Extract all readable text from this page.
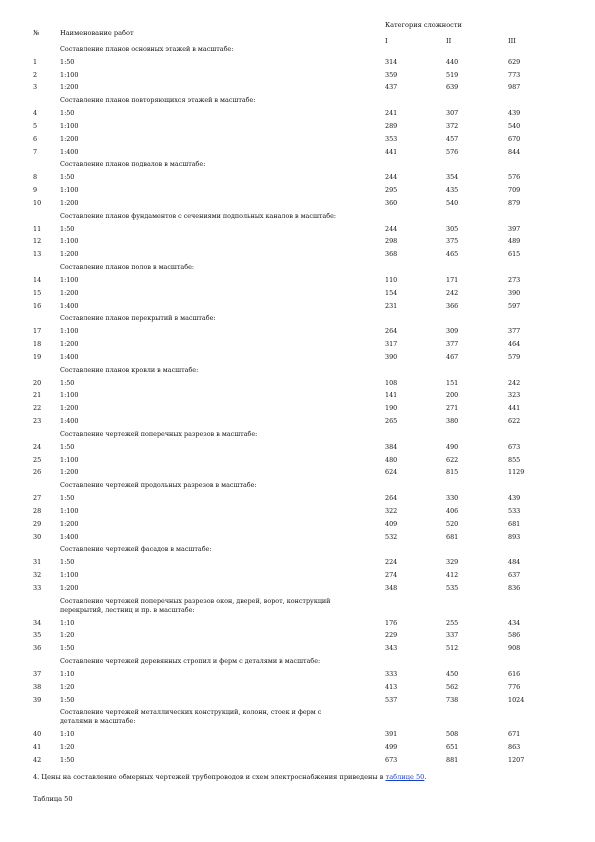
№	Наименование работ
Категория сложности
I	II	III
Составление планов основных этажей в масштабе:
1	1:50	314	440	629
2	1:100	359	519	773
3	1:200	437	639	987
Составление планов повторяющихся этажей в масштабе:
4	1:50	241	307	439
5	1:100	289	372	540
6	1:200	353	457	670
7	1:400	441	576	844
Составление планов подвалов в масштабе:
8	1:50	244	354	576
9	1:100	295	435	709
10	1:200	360	540	879
Составление планов фундаментов с сечениями подпольных каналов в масштабе:
11	1:50	244	305	397
12	1:100	298	375	489
13	1:200	368	465	615
Составление планов полов в масштабе:
14	1:100	110	171	273
15	1:200	154	242	390
16	1:400	231	366	597
Составление планов перекрытий в масштабе:
17	1:100	264	309	377
18	1:200	317	377	464
19	1:400	390	467	579
Составление планов кровли в масштабе:
20	1:50	108	151	242
21	1:100	141	200	323
22	1:200	190	271	441
23	1:400	265	380	622
Составление чертежей поперечных разрезов в масштабе:
24	1:50	384	490	673
25	1:100	480	622	855
26	1:200	624	815	1129
Составление чертежей продольных разрезов в масштабе:
27	1:50	264	330	439
28	1:100	322	406	533
29	1:200	409	520	681
30	1:400	532	681	893
Составление чертежей фасадов в масштабе:
31	1:50	224	329	484
32	1:100	274	412	637
33	1:200	348	535	836
Составление чертежей поперечных разрезов окон, дверей, ворот, конструкций
перекрытий, лестниц и пр. в масштабе:
34	1:10	176	255	434
35	1:20	229	337	586
36	1:50	343	512	908
Составление чертежей деревянных стропил и ферм с деталями в масштабе:
37	1:10	333	450	616
38	1:20	413	562	776
39	1:50	537	738	1024
Составление чертежей металлических конструкций, колонн, стоек и ферм с
деталями в масштабе:
40	1:10	391	508	671
41	1:20	499	651	863
42	1:50	673	881	1207
4. Цены на составление обмерных чертежей трубопроводов и схем электроснабжения приведены в таблице 50.
Таблица 50
